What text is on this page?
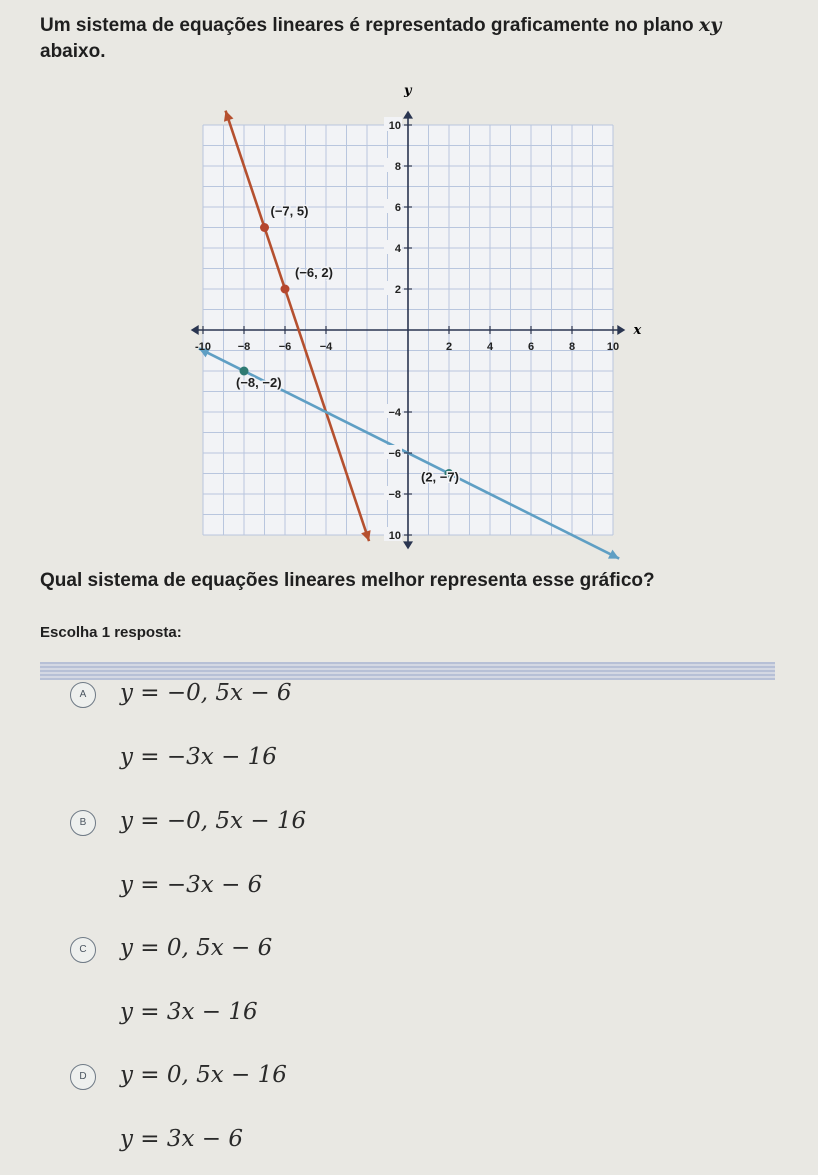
Um sistema de equações lineares é representado graficamente no plano xy
abaixo.
x
y
-10 −8	−6	−4	2	4	6	8	10
10
8
6
4
2
−4
−6
−8
10
(−7, 5)
(−6, 2)
(−8, −2)
(2, −7)
Qual sistema de equações lineares melhor representa esse gráfico?
Escolha 1 resposta:
A	y = −0, 5x − 6
y = −3x − 16
B	y = −0, 5x − 16
y = −3x − 6
C	y = 0, 5x − 6
y = 3x − 16
D	y = 0, 5x − 16
y = 3x − 6
